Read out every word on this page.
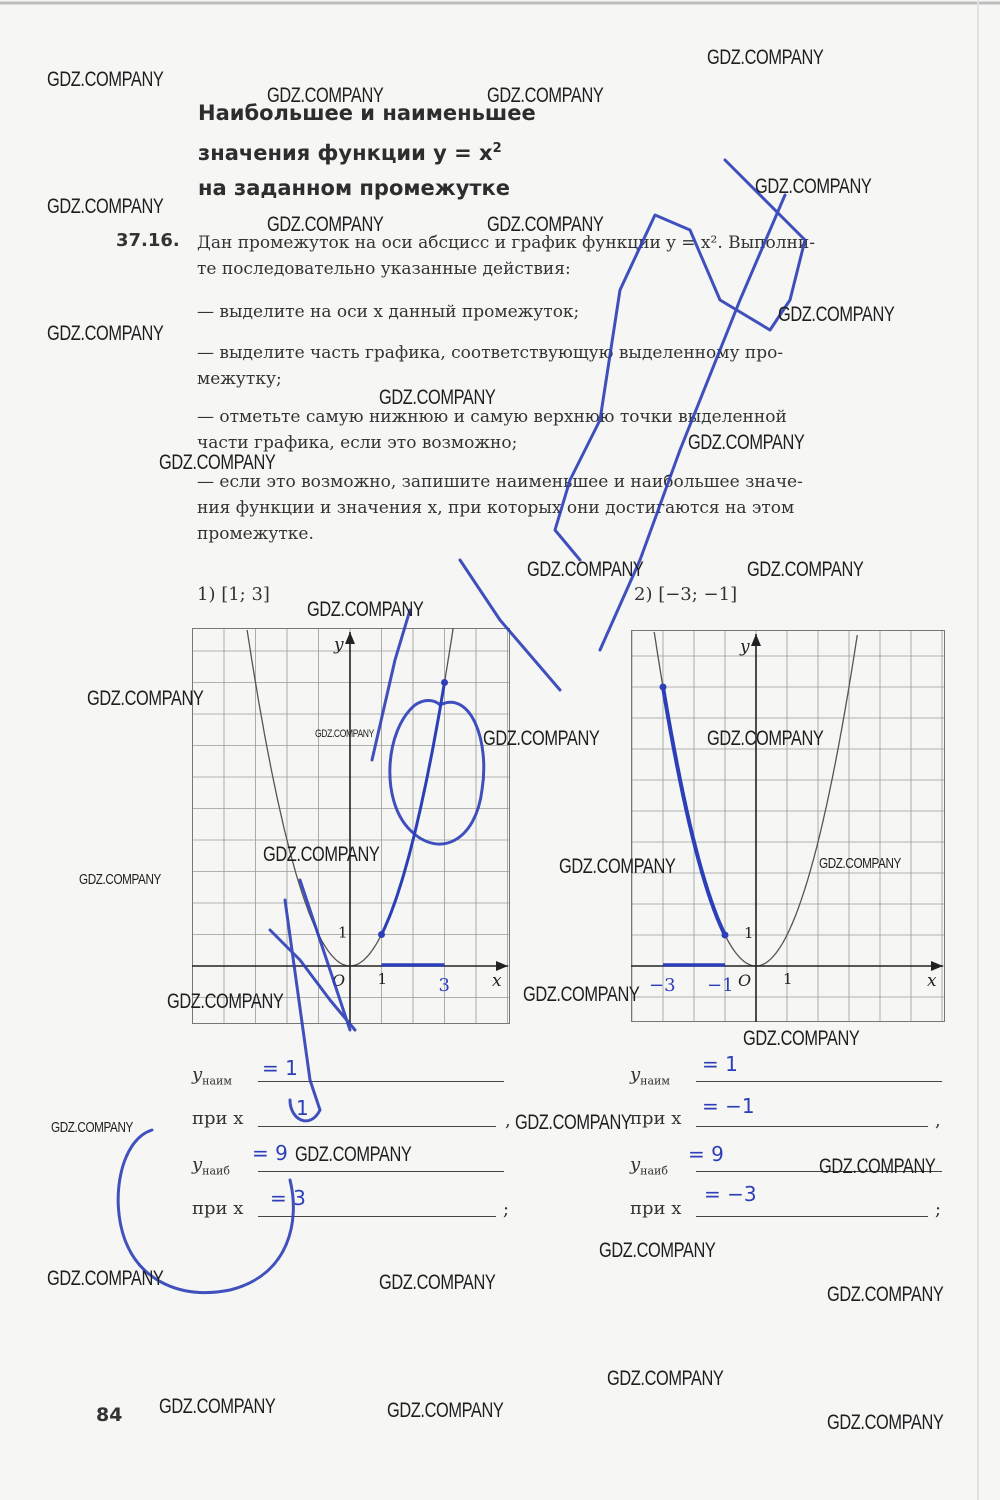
Наибольшее и наименьшее
значения функции $y = x^2$
на заданном промежутке
37.16. Дан промежуток на оси абсцисс и график функции y = x². Выполни-
те последовательно указанные действия:
— выделите на оси x данный промежуток;
— выделите часть графика, соответствующую выделенному про-
межутку;
— отметьте самую нижнюю и самую верхнюю точки выделенной
части графика, если это возможно;
— если это возможно, запишите наименьшее и наибольшее значе-
ния функции и значения x, при которых они достигаются на этом
промежутке.
1) [1; 3]	2) [−3; −1]
y
x
O 1
1
3
y
x
O 1
1
−3 −1
$y_{наим}$
= 1
при x	,
1
$y_{наиб}$
= 9
при x	;
= 3
$y_{наим}$
= 1
при x	,
= −1
$y_{наиб}$
= 9
при x	;
= −3
84
GDZ.COMPANY
GDZ.COMPANY
GDZ.COMPANY	GDZ.COMPANY
GDZ.COMPANY
GDZ.COMPANY
GDZ.COMPANY	GDZ.COMPANY
GDZ.COMPANY
GDZ.COMPANY
GDZ.COMPANY
GDZ.COMPANY
GDZ.COMPANY
GDZ.COMPANY	GDZ.COMPANY
GDZ.COMPANY
GDZ.COMPANY
GDZ.COMPANY	GDZ.COMPANY	GDZ.COMPANY
GDZ.COMPANY
GDZ.COMPANY	GDZ.COMPANY
GDZ.COMPANY
GDZ.COMPANY	GDZ.COMPANY
GDZ.COMPANY
GDZ.COMPANY
GDZ.COMPANY
GDZ.COMPANY
GDZ.COMPANY
GDZ.COMPANY
GDZ.COMPANY	GDZ.COMPANY
GDZ.COMPANY
GDZ.COMPANY
GDZ.COMPANY	GDZ.COMPANY
GDZ.COMPANY
